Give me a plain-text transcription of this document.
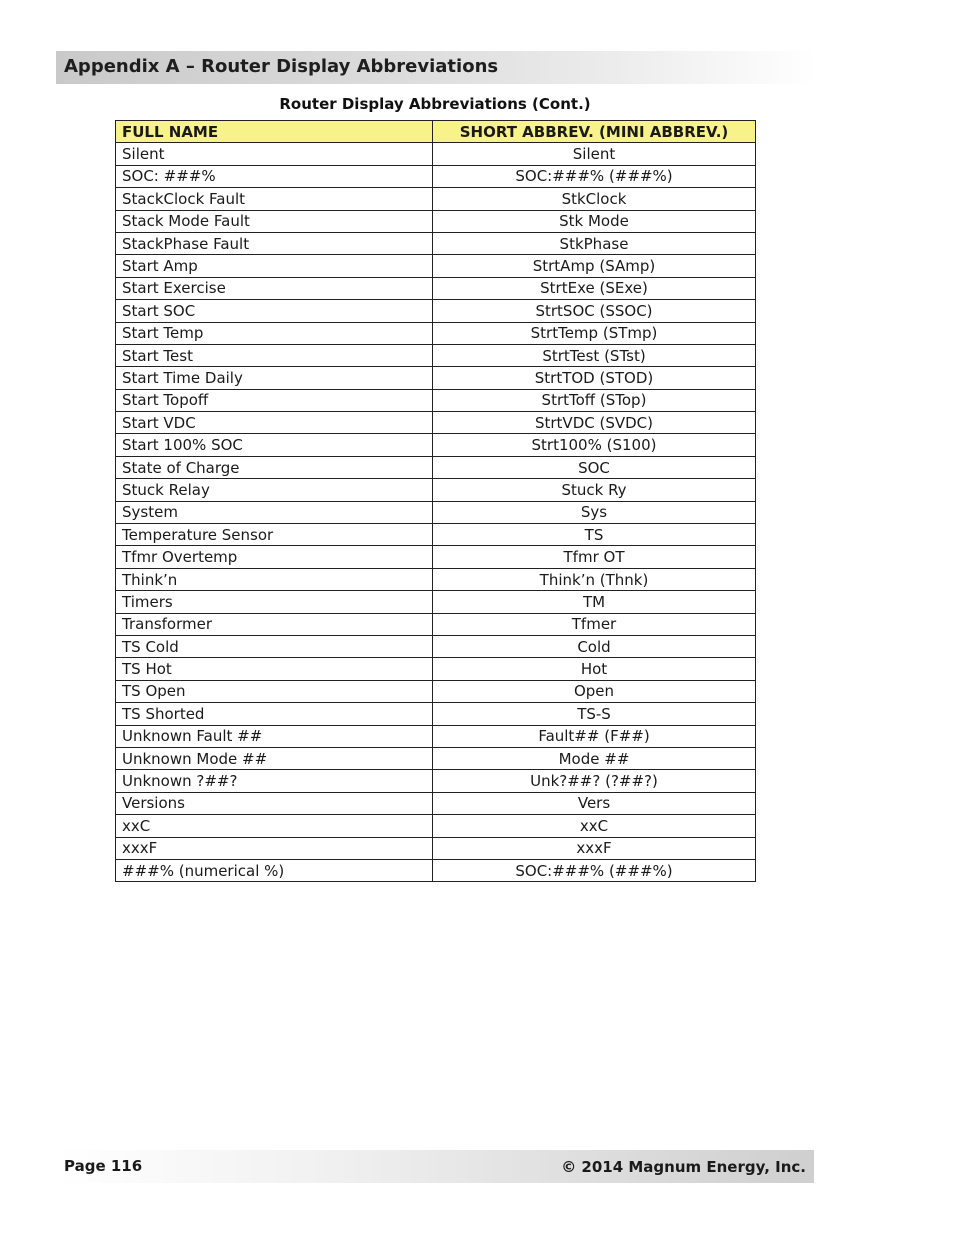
Appendix A – Router Display Abbreviations
Router Display Abbreviations (Cont.)
FULL NAME	SHORT ABBREV. (MINI ABBREV.)
Silent	Silent
SOC: ###%	SOC:###% (###%)
StackClock Fault	StkClock
Stack Mode Fault	Stk Mode
StackPhase Fault	StkPhase
Start Amp	StrtAmp (SAmp)
Start Exercise	StrtExe (SExe)
Start SOC	StrtSOC (SSOC)
Start Temp	StrtTemp (STmp)
Start Test	StrtTest (STst)
Start Time Daily	StrtTOD (STOD)
Start Topoff	StrtToff (STop)
Start VDC	StrtVDC (SVDC)
Start 100% SOC	Strt100% (S100)
State of Charge	SOC
Stuck Relay	Stuck Ry
System	Sys
Temperature Sensor	TS
Tfmr Overtemp	Tfmr OT
Think’n	Think’n (Thnk)
Timers	TM
Transformer	Tfmer
TS Cold	Cold
TS Hot	Hot
TS Open	Open
TS Shorted	TS-S
Unknown Fault ##	Fault## (F##)
Unknown Mode ##	Mode ##
Unknown ?##?	Unk?##? (?##?)
Versions	Vers
xxC	xxC
xxxF	xxxF
###% (numerical %)	SOC:###% (###%)
Page 116	© 2014 Magnum Energy, Inc.
